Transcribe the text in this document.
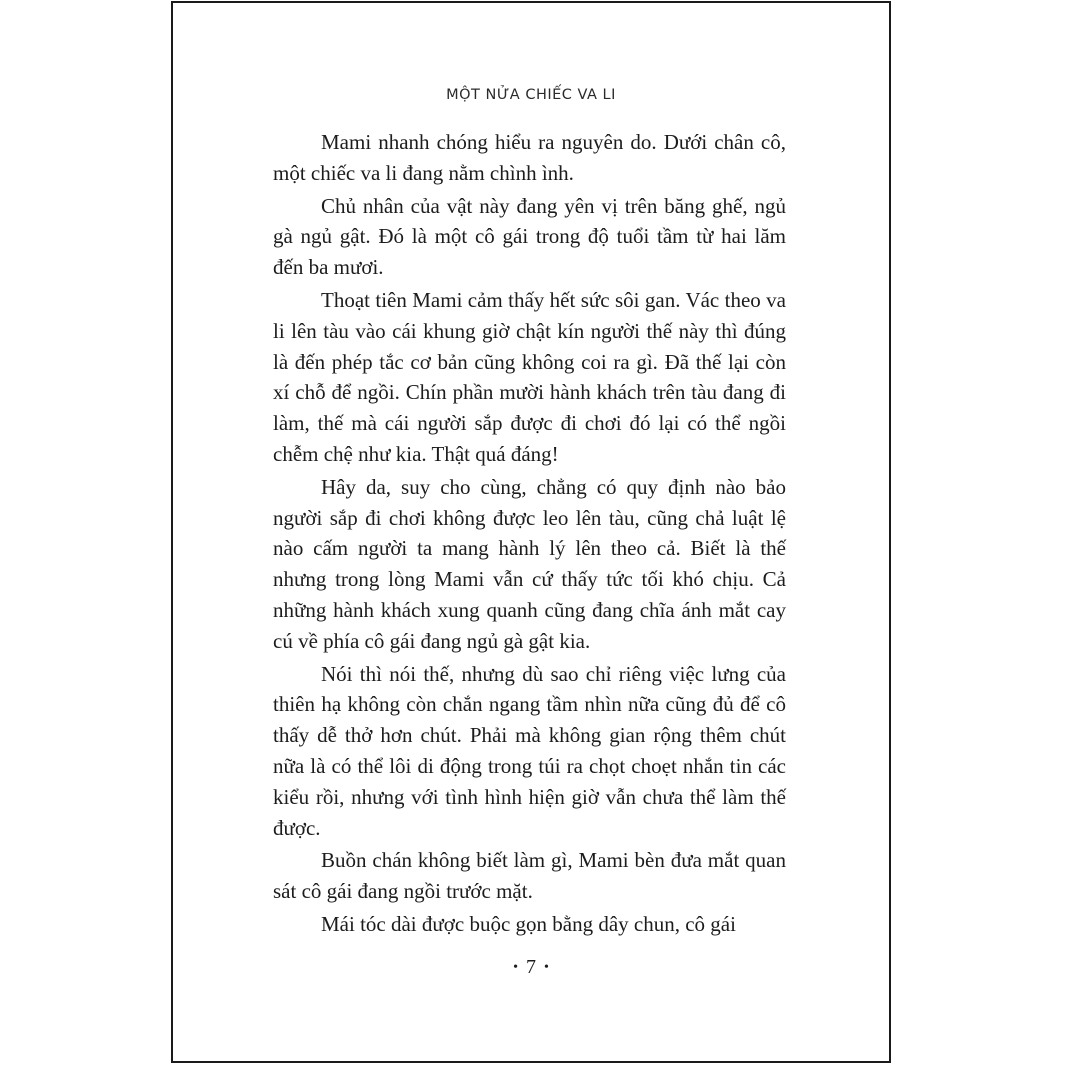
MỘT NỬA CHIẾC VA LI

Mami nhanh chóng hiểu ra nguyên do. Dưới chân cô, một chiếc va li đang nằm chình ình.

Chủ nhân của vật này đang yên vị trên băng ghế, ngủ gà ngủ gật. Đó là một cô gái trong độ tuổi tầm từ hai lăm đến ba mươi.

Thoạt tiên Mami cảm thấy hết sức sôi gan. Vác theo va li lên tàu vào cái khung giờ chật kín người thế này thì đúng là đến phép tắc cơ bản cũng không coi ra gì. Đã thế lại còn xí chỗ để ngồi. Chín phần mười hành khách trên tàu đang đi làm, thế mà cái người sắp được đi chơi đó lại có thể ngồi chễm chệ như kia. Thật quá đáng!

Hây da, suy cho cùng, chẳng có quy định nào bảo người sắp đi chơi không được leo lên tàu, cũng chả luật lệ nào cấm người ta mang hành lý lên theo cả. Biết là thế nhưng trong lòng Mami vẫn cứ thấy tức tối khó chịu. Cả những hành khách xung quanh cũng đang chĩa ánh mắt cay cú về phía cô gái đang ngủ gà gật kia.

Nói thì nói thế, nhưng dù sao chỉ riêng việc lưng của thiên hạ không còn chắn ngang tầm nhìn nữa cũng đủ để cô thấy dễ thở hơn chút. Phải mà không gian rộng thêm chút nữa là có thể lôi di động trong túi ra chọt choẹt nhắn tin các kiểu rồi, nhưng với tình hình hiện giờ vẫn chưa thể làm thế được.

Buồn chán không biết làm gì, Mami bèn đưa mắt quan sát cô gái đang ngồi trước mặt.

Mái tóc dài được buộc gọn bằng dây chun, cô gái

• 7 •
